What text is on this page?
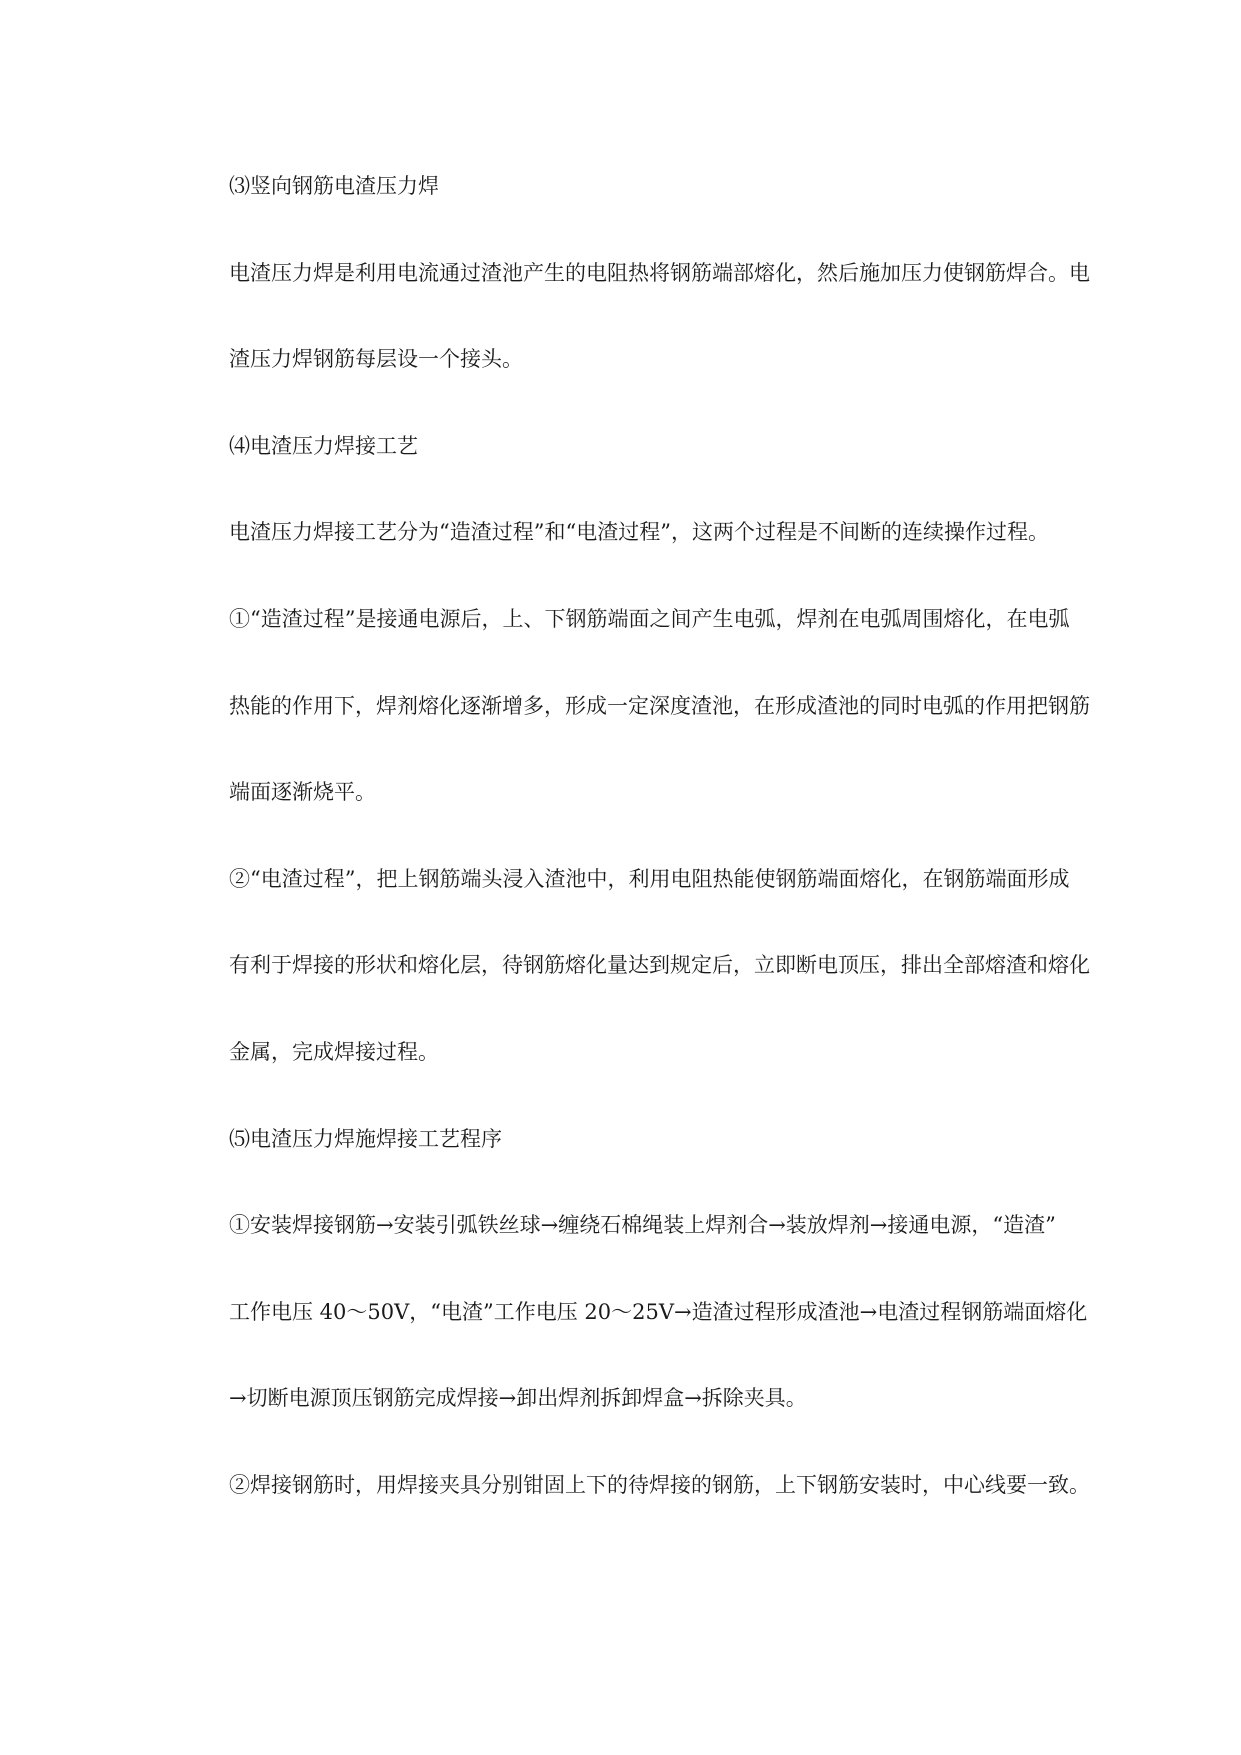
⑶竖向钢筋电渣压力焊
电渣压力焊是利用电流通过渣池产生的电阻热将钢筋端部熔化，然后施加压力使钢筋焊合。电
渣压力焊钢筋每层设一个接头。
⑷电渣压力焊接工艺
电渣压力焊接工艺分为“造渣过程”和“电渣过程”，这两个过程是不间断的连续操作过程。
①“造渣过程”是接通电源后，上、下钢筋端面之间产生电弧，焊剂在电弧周围熔化，在电弧
热能的作用下，焊剂熔化逐渐增多，形成一定深度渣池，在形成渣池的同时电弧的作用把钢筋
端面逐渐烧平。
②“电渣过程”，把上钢筋端头浸入渣池中，利用电阻热能使钢筋端面熔化，在钢筋端面形成
有利于焊接的形状和熔化层，待钢筋熔化量达到规定后，立即断电顶压，排出全部熔渣和熔化
金属，完成焊接过程。
⑸电渣压力焊施焊接工艺程序
①安装焊接钢筋→安装引弧铁丝球→缠绕石棉绳装上焊剂合→装放焊剂→接通电源，“造渣”
工作电压 40～50V，“电渣”工作电压 20～25V→造渣过程形成渣池→电渣过程钢筋端面熔化
→切断电源顶压钢筋完成焊接→卸出焊剂拆卸焊盒→拆除夹具。
②焊接钢筋时，用焊接夹具分别钳固上下的待焊接的钢筋，上下钢筋安装时，中心线要一致。
